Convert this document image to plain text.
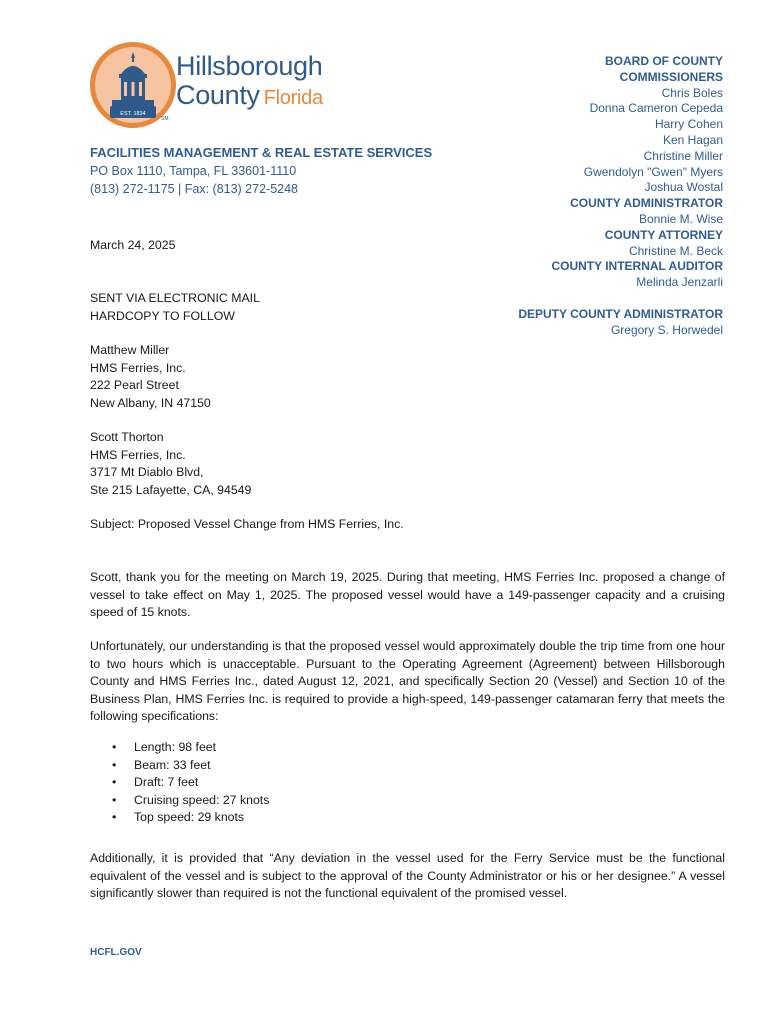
EST. 1834
Hillsborough
County Florida
SM
FACILITIES MANAGEMENT & REAL ESTATE SERVICES
PO Box 1110, Tampa, FL 33601-1110
(813) 272-1175 | Fax: (813) 272-5248
BOARD OF COUNTY
COMMISSIONERS
Chris Boles
Donna Cameron Cepeda
Harry Cohen
Ken Hagan
Christine Miller
Gwendolyn "Gwen" Myers
Joshua Wostal
COUNTY ADMINISTRATOR
Bonnie M. Wise
COUNTY ATTORNEY
Christine M. Beck
COUNTY INTERNAL AUDITOR
Melinda Jenzarli
DEPUTY COUNTY ADMINISTRATOR
Gregory S. Horwedel
March 24, 2025
SENT VIA ELECTRONIC MAIL
HARDCOPY TO FOLLOW
Matthew Miller
HMS Ferries, Inc.
222 Pearl Street
New Albany, IN 47150
Scott Thorton
HMS Ferries, Inc.
3717 Mt Diablo Blvd,
Ste 215 Lafayette, CA, 94549
Subject: Proposed Vessel Change from HMS Ferries, Inc.
Scott, thank you for the meeting on March 19, 2025. During that meeting, HMS Ferries Inc. proposed a change of vessel to take effect on May 1, 2025. The proposed vessel would have a 149-passenger capacity and a cruising speed of 15 knots.
Unfortunately, our understanding is that the proposed vessel would approximately double the trip time from one hour to two hours which is unacceptable. Pursuant to the Operating Agreement (Agreement) between Hillsborough County and HMS Ferries Inc., dated August 12, 2021, and specifically Section 20 (Vessel) and Section 10 of the Business Plan, HMS Ferries Inc. is required to provide a high-speed, 149-passenger catamaran ferry that meets the following specifications:
• Length: 98 feet
• Beam: 33 feet
• Draft: 7 feet
• Cruising speed: 27 knots
• Top speed: 29 knots
Additionally, it is provided that “Any deviation in the vessel used for the Ferry Service must be the functional equivalent of the vessel and is subject to the approval of the County Administrator or his or her designee.” A vessel significantly slower than required is not the functional equivalent of the promised vessel.
HCFL.GOV
